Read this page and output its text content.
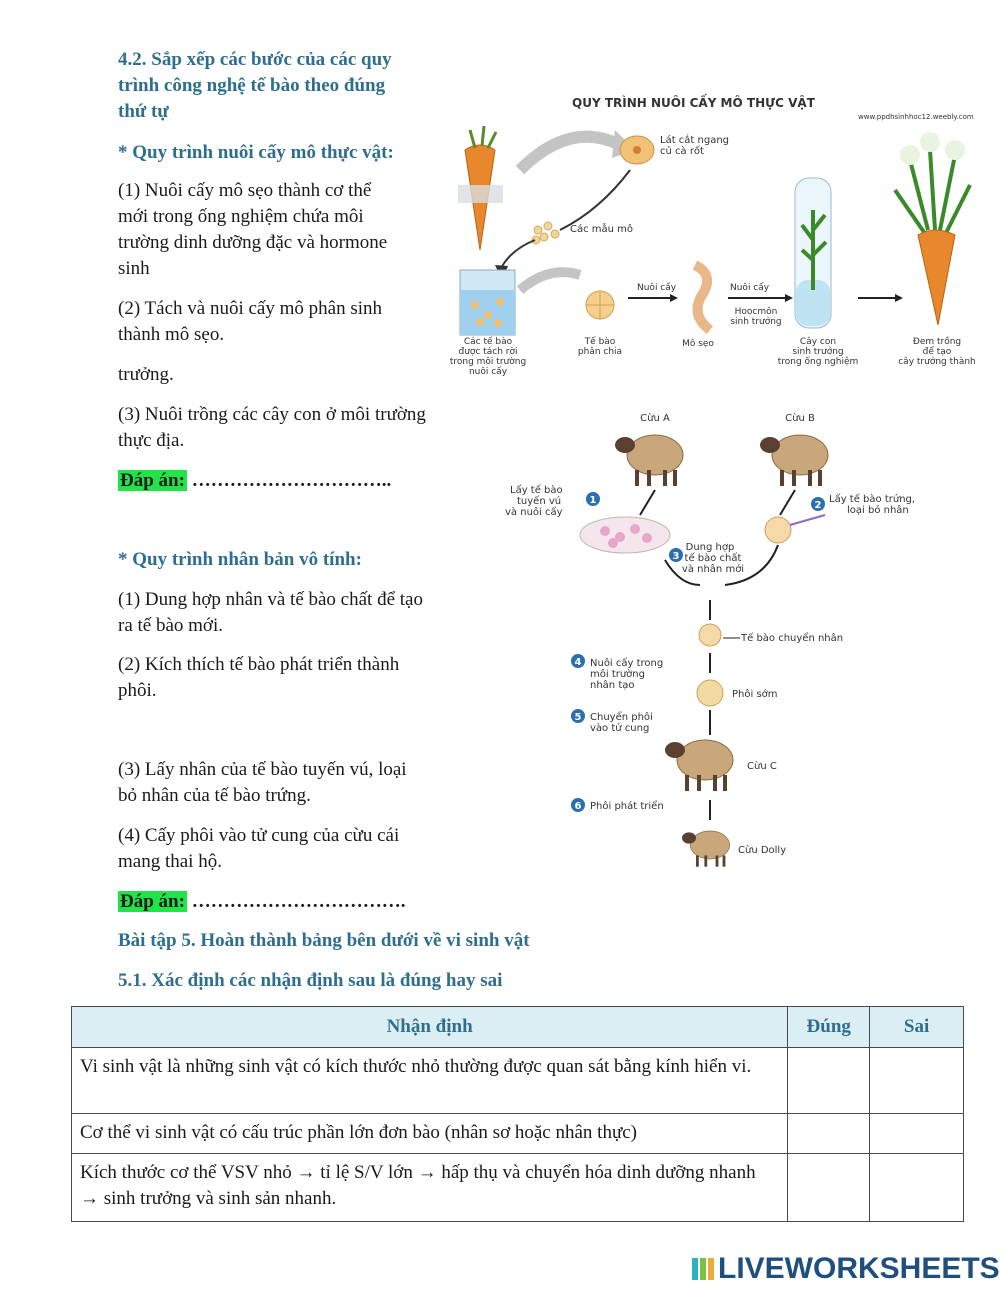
4.2. Sắp xếp các bước của các quy
trình công nghệ tế bào theo đúng
thứ tự
* Quy trình nuôi cấy mô thực vật:
(1) Nuôi cấy mô sẹo thành cơ thể
mới trong ống nghiệm chứa môi
trường dinh dưỡng đặc và hormone
sinh
(2) Tách và nuôi cấy mô phân sinh
thành mô sẹo.
trưởng.
(3) Nuôi trồng các cây con ở môi trường
thực địa.
Đáp án: …………………………..
QUY TRÌNH NUÔI CẤY MÔ THỰC VẬT
www.ppdhsinhhoc12.weebly.com
Lát cắt ngang
củ cà rốt
Các mẫu mô
Các tế bào
được tách rời
trong môi trường
nuôi cấy
Tế bào
phân chia
Nuôi cấy
Mô sẹo
Nuôi cấy
Hoocmôn
sinh trưởng
Cây con
sinh trưởng
trong ống nghiệm
Đem trồng
để tạo
cây trưởng thành
* Quy trình nhân bản vô tính:
(1) Dung hợp nhân và tế bào chất để tạo
ra tế bào mới.
(2) Kích thích tế bào phát triển thành
phôi.
(3) Lấy nhân của tế bào tuyến vú, loại
bỏ nhân của tế bào trứng.
(4) Cấy phôi vào tử cung của cừu cái
mang thai hộ.
Đáp án: …………………………….
Cừu A	Cừu B
Lấy tế bào
tuyến vú
và nuôi cấy
1	2
Lấy tế bào trứng,
loại bỏ nhân
Dung hợp
tế bào chất
và nhân mới
3
Tế bào chuyển nhân
4 Nuôi cấy trong
môi trường
nhân tạo
Phôi sớm
5 Chuyển phôi
vào tử cung
Cừu C
6 Phôi phát triển
Cừu Dolly
Bài tập 5. Hoàn thành bảng bên dưới về vi sinh vật
5.1. Xác định các nhận định sau là đúng hay sai
Nhận định	Đúng	Sai
Vi sinh vật là những sinh vật có kích thước nhỏ thường được quan sát bằng kính hiển vi.		
Cơ thể vi sinh vật có cấu trúc phần lớn đơn bào (nhân sơ hoặc nhân thực)		
Kích thước cơ thể VSV nhỏ → tỉ lệ S/V lớn → hấp thụ và chuyển hóa dinh dưỡng nhanh → sinh trưởng và sinh sản nhanh.		
LIVEWORKSHEETS
